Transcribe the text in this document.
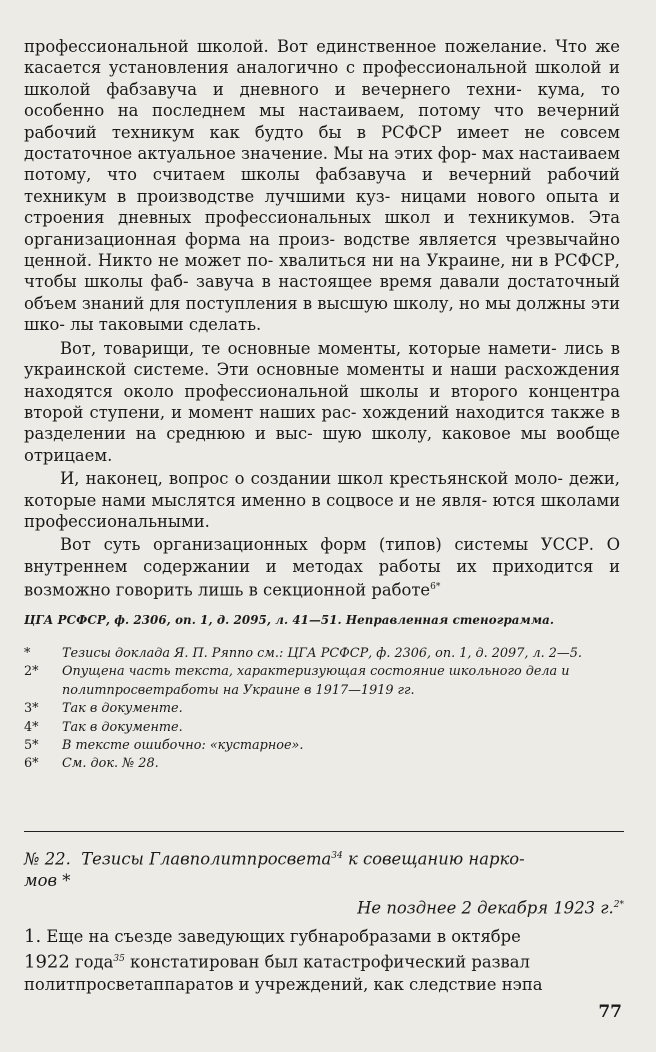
профессиональной школой. Вот единственное пожелание. Что же касается установления аналогично с профессиональной школой и школой фабзавуча и дневного и вечернего техни- кума, то особенно на последнем мы настаиваем, потому что вечерний рабочий техникум как будто бы в РСФСР имеет не совсем достаточное актуальное значение. Мы на этих фор- мах настаиваем потому, что считаем школы фабзавуча и вечерний рабочий техникум в производстве лучшими куз- ницами нового опыта и строения дневных профессиональных школ и техникумов. Эта организационная форма на произ- водстве является чрезвычайно ценной. Никто не может по- хвалиться ни на Украине, ни в РСФСР, чтобы школы фаб- завуча в настоящее время давали достаточный объем знаний для поступления в высшую школу, но мы должны эти шко- лы таковыми сделать.

Вот, товарищи, те основные моменты, которые намети- лись в украинской системе. Эти основные моменты и наши расхождения находятся около профессиональной школы и второго концентра второй ступени, и момент наших рас- хождений находится также в разделении на среднюю и выс- шую школу, каковое мы вообще отрицаем.

И, наконец, вопрос о создании школ крестьянской моло- дежи, которые нами мыслятся именно в соцвосе и не явля- ются школами профессиональными.

Вот суть организационных форм (типов) системы УССР. О внутреннем содержании и методах работы их приходится и возможно говорить лишь в секционной работе$^{6*}$

ЦГА РСФСР, ф. 2306, оп. 1, д. 2095, л. 41—51. Неправленная стенограмма.
*	Тезисы доклада Я. П. Ряппо см.: ЦГА РСФСР, ф. 2306, оп. 1, д. 2097, л. 2—5.
2*	Опущена часть текста, характеризующая состояние школьного дела и политпросветработы на Украине в 1917—1919 гг.
3*	Так в документе.
4*	Так в документе.
5*	В тексте ошибочно: «кустарное».
6*	См. док. № 28.
№ 22. Тезисы Главполитпросвета$^{34}$ к совещанию нарко-
мов *
Не позднее 2 декабря 1923 г.$^{2*}$
1. Еще на съезде заведующих губнаробразами в октябре
1922 года$^{35}$ констатирован был катастрофический развал
политпросветаппаратов и учреждений, как следствие нэпа
77
